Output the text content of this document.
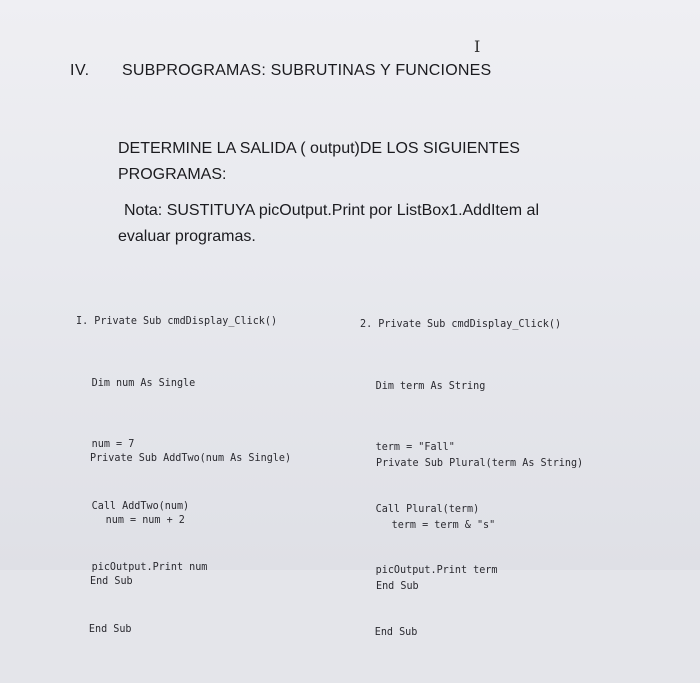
IV. SUBPROGRAMAS: SUBRUTINAS Y FUNCIONES
I
DETERMINE LA SALIDA ( output)DE LOS SIGUIENTES
PROGRAMAS:
Nota: SUSTITUYA picOutput.Print por ListBox1.AddItem al
evaluar programas.

I. Private Sub cmdDisplay_Click()

Dim num As Single

num = 7

Call AddTwo(num)

picOutput.Print num

End Sub

Private Sub AddTwo(num As Single)

num = num + 2

End Sub

2. Private Sub cmdDisplay_Click()

Dim term As String

term = "Fall"

Call Plural(term)

picOutput.Print term

End Sub

Private Sub Plural(term As String)

term = term & "s"

End Sub
